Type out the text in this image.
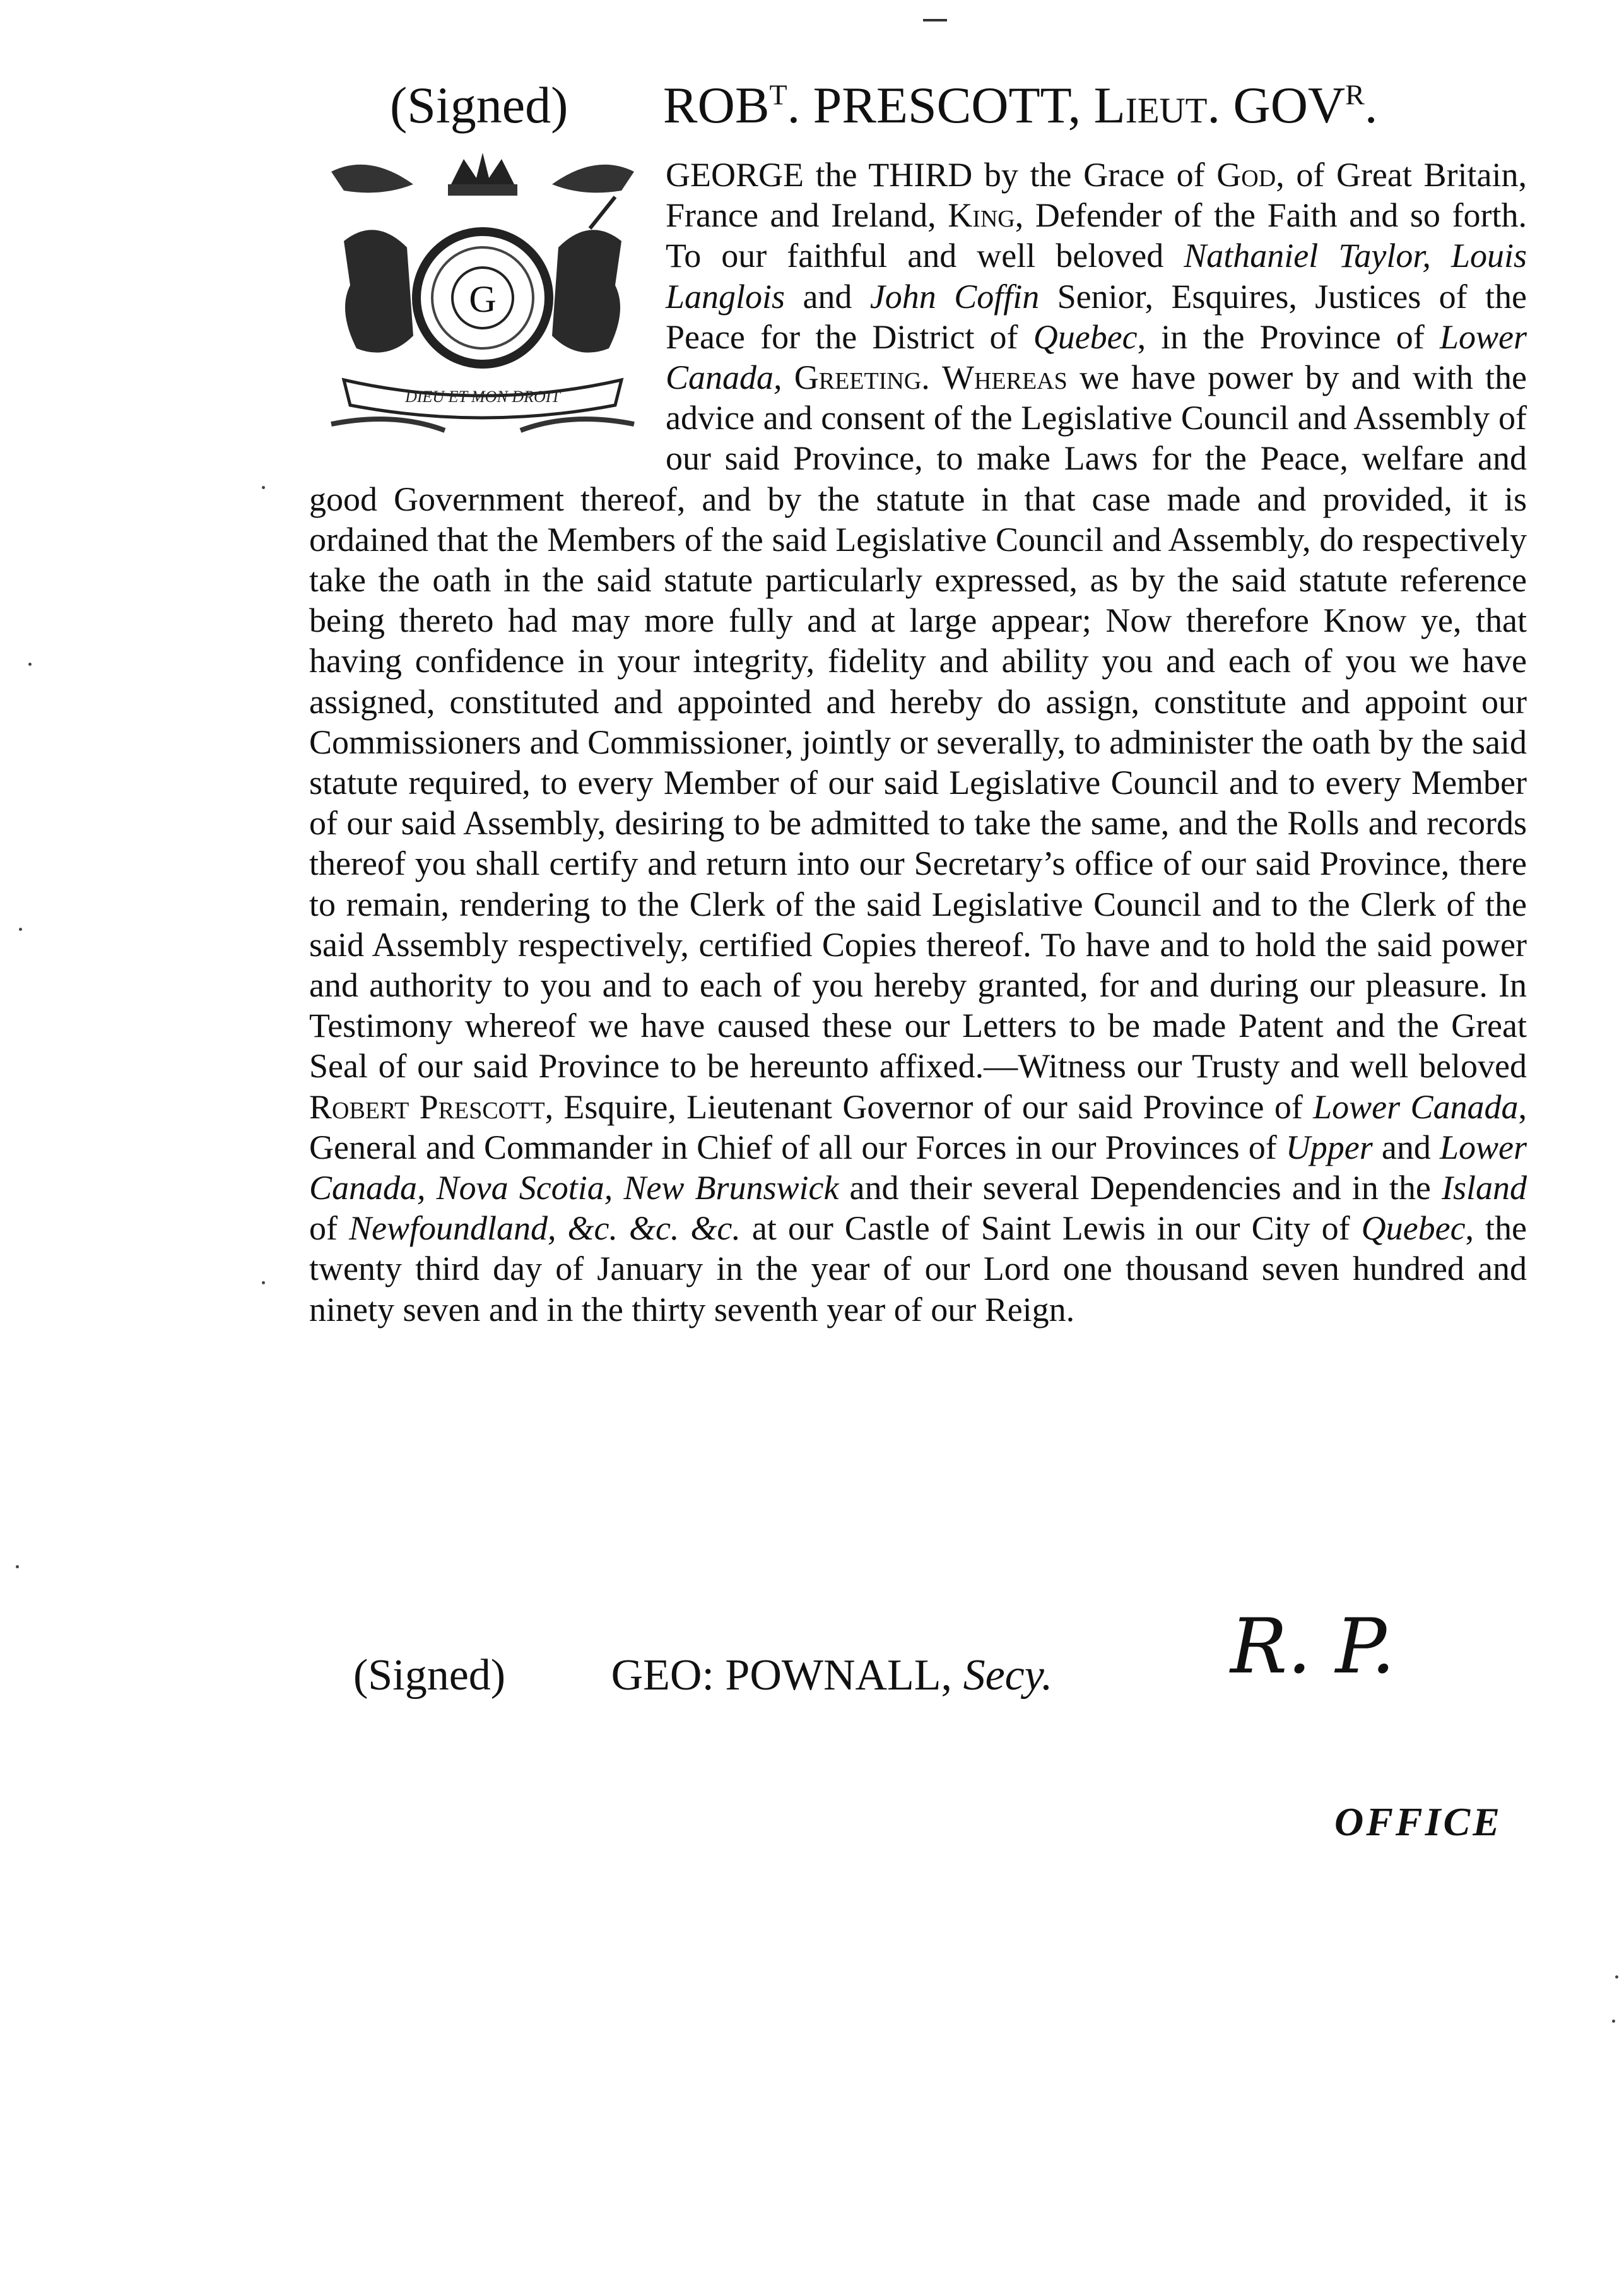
(Signed) $ROB^T$. PRESCOTT, Lieut. $GOV^R$.
G
DIEU ET MON DROIT
GEORGE the THIRD by the Grace of God, of Great Britain, France and Ireland, King, Defender of the Faith and so forth. To our faithful and well beloved Nathaniel Taylor, Louis Langlois and John Coffin Senior, Esquires, Justices of the Peace for the District of Quebec, in the Province of Lower Canada, Greeting. Whereas we have power by and with the advice and consent of the Legislative Council and Assembly of our said Province, to make Laws for the Peace, welfare and good Government thereof, and by the statute in that case made and provided, it is ordained that the Members of the said Legislative Council and Assembly, do respectively take the oath in the said statute particularly expressed, as by the said statute reference being thereto had may more fully and at large appear; Now therefore Know ye, that having confidence in your integrity, fidelity and ability you and each of you we have assigned, constituted and appointed and hereby do assign, constitute and appoint our Commissioners and Commissioner, jointly or severally, to administer the oath by the said statute required, to every Member of our said Legislative Council and to every Member of our said Assembly, desiring to be admitted to take the same, and the Rolls and records thereof you shall certify and return into our Secretary’s office of our said Province, there to remain, rendering to the Clerk of the said Legislative Council and to the Clerk of the said Assembly respectively, certified Copies thereof. To have and to hold the said power and authority to you and to each of you hereby granted, for and during our pleasure. In Testimony whereof we have caused these our Letters to be made Patent and the Great Seal of our said Province to be hereunto affixed.—Witness our Trusty and well beloved Robert Prescott, Esquire, Lieutenant Governor of our said Province of Lower Canada, General and Commander in Chief of all our Forces in our Provinces of Upper and Lower Canada, Nova Scotia, New Brunswick and their several Dependencies and in the Island of Newfoundland, &c. &c. &c. at our Castle of Saint Lewis in our City of Quebec, the twenty third day of January in the year of our Lord one thousand seven hundred and ninety seven and in the thirty seventh year of our Reign.
R. P.
(Signed) GEO: POWNALL, Secy.
OFFICE
